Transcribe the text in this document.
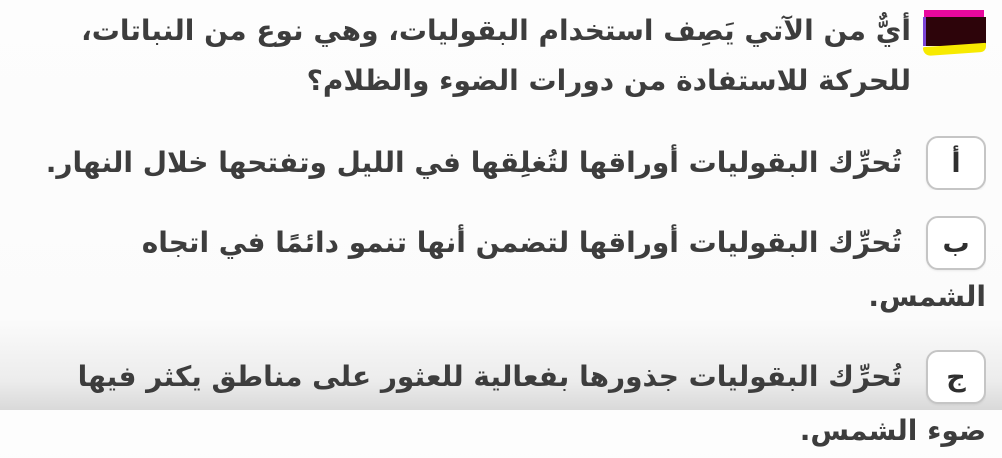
أيٌّ من الآتي يَصِف استخدام البقوليات، وهي نوع من النباتات، للحركة للاستفادة من دورات الضوء والظلام؟

أ
تُحرِّك البقوليات أوراقها لتُغلِقها في الليل وتفتحها خلال النهار.
ب
تُحرِّك البقوليات أوراقها لتضمن أنها تنمو دائمًا في اتجاه الشمس.
ج
تُحرِّك البقوليات جذورها بفعالية للعثور على مناطق يكثر فيها ضوء الشمس.
